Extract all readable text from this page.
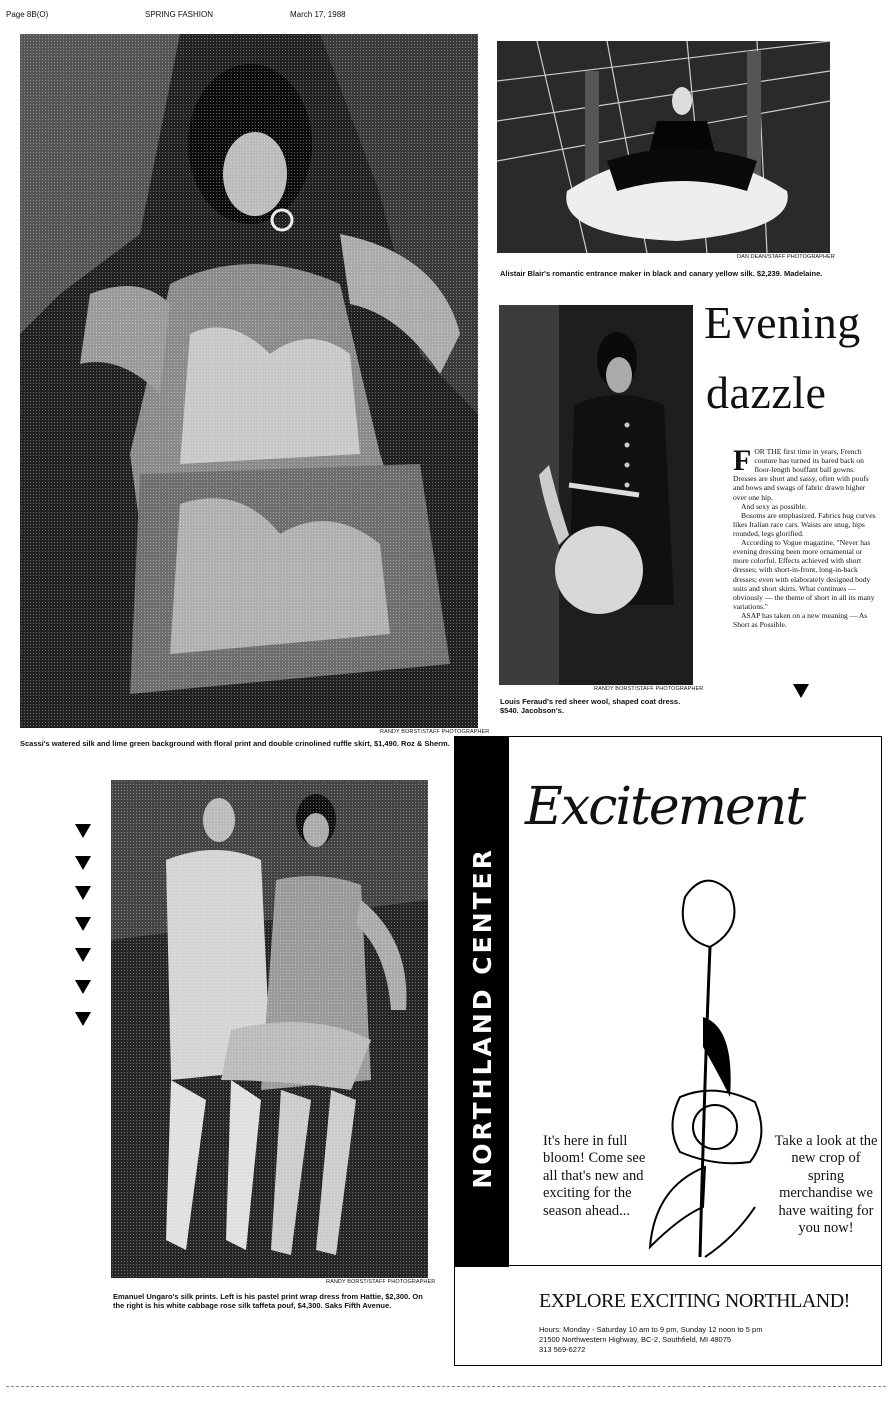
Page 8B(O)	SPRING FASHION	March 17, 1988
RANDY BORST/STAFF PHOTOGRAPHER
Scassi's watered silk and lime green background with floral print and double crinolined ruffle skirt, $1,490. Roz & Sherm.
DAN DEAN/STAFF PHOTOGRAPHER
Alistair Blair's romantic entrance maker in black and canary yellow silk. $2,239. Madelaine.
RANDY BORST/STAFF PHOTOGRAPHER
Louis Feraud's red sheer wool, shaped coat dress. $540. Jacobson's.
Evening
dazzle

FOR THE first time in years, French couture has turned its bared back on floor-length bouffant ball gowns. Dresses are short and sassy, often with poufs and bows and swags of fabric drawn higher over one hip.

And sexy as possible.

Bosoms are emphasized. Fabrics hug curves likes Italian race cars. Waists are snug, hips rounded, legs glorified.

According to Vogue magazine, "Never has evening dressing been more ornamental or more colorful. Effects achieved with short dresses; with short-in-front, long-in-back dresses; even with elaborately designed body suits and short skirts. What continues — obviously — the theme of short in all its many variations."

ASAP has taken on a new meaning — As Short as Possible.

RANDY BORST/STAFF PHOTOGRAPHER
Emanuel Ungaro's silk prints. Left is his pastel print wrap dress from Hattie, $2,300. On the right is his white cabbage rose silk taffeta pouf, $4,300. Saks Fifth Avenue.
NORTHLAND CENTER
Excitement
It's here in full bloom! Come see all that's new and exciting for the season ahead...
Take a look at the new crop of spring merchandise we have waiting for you now!
EXPLORE EXCITING NORTHLAND!
Hours: Monday - Saturday 10 am to 9 pm, Sunday 12 noon to 5 pm
21500 Northwestern Highway, BC-2, Southfield, MI 48075
313 569-6272
